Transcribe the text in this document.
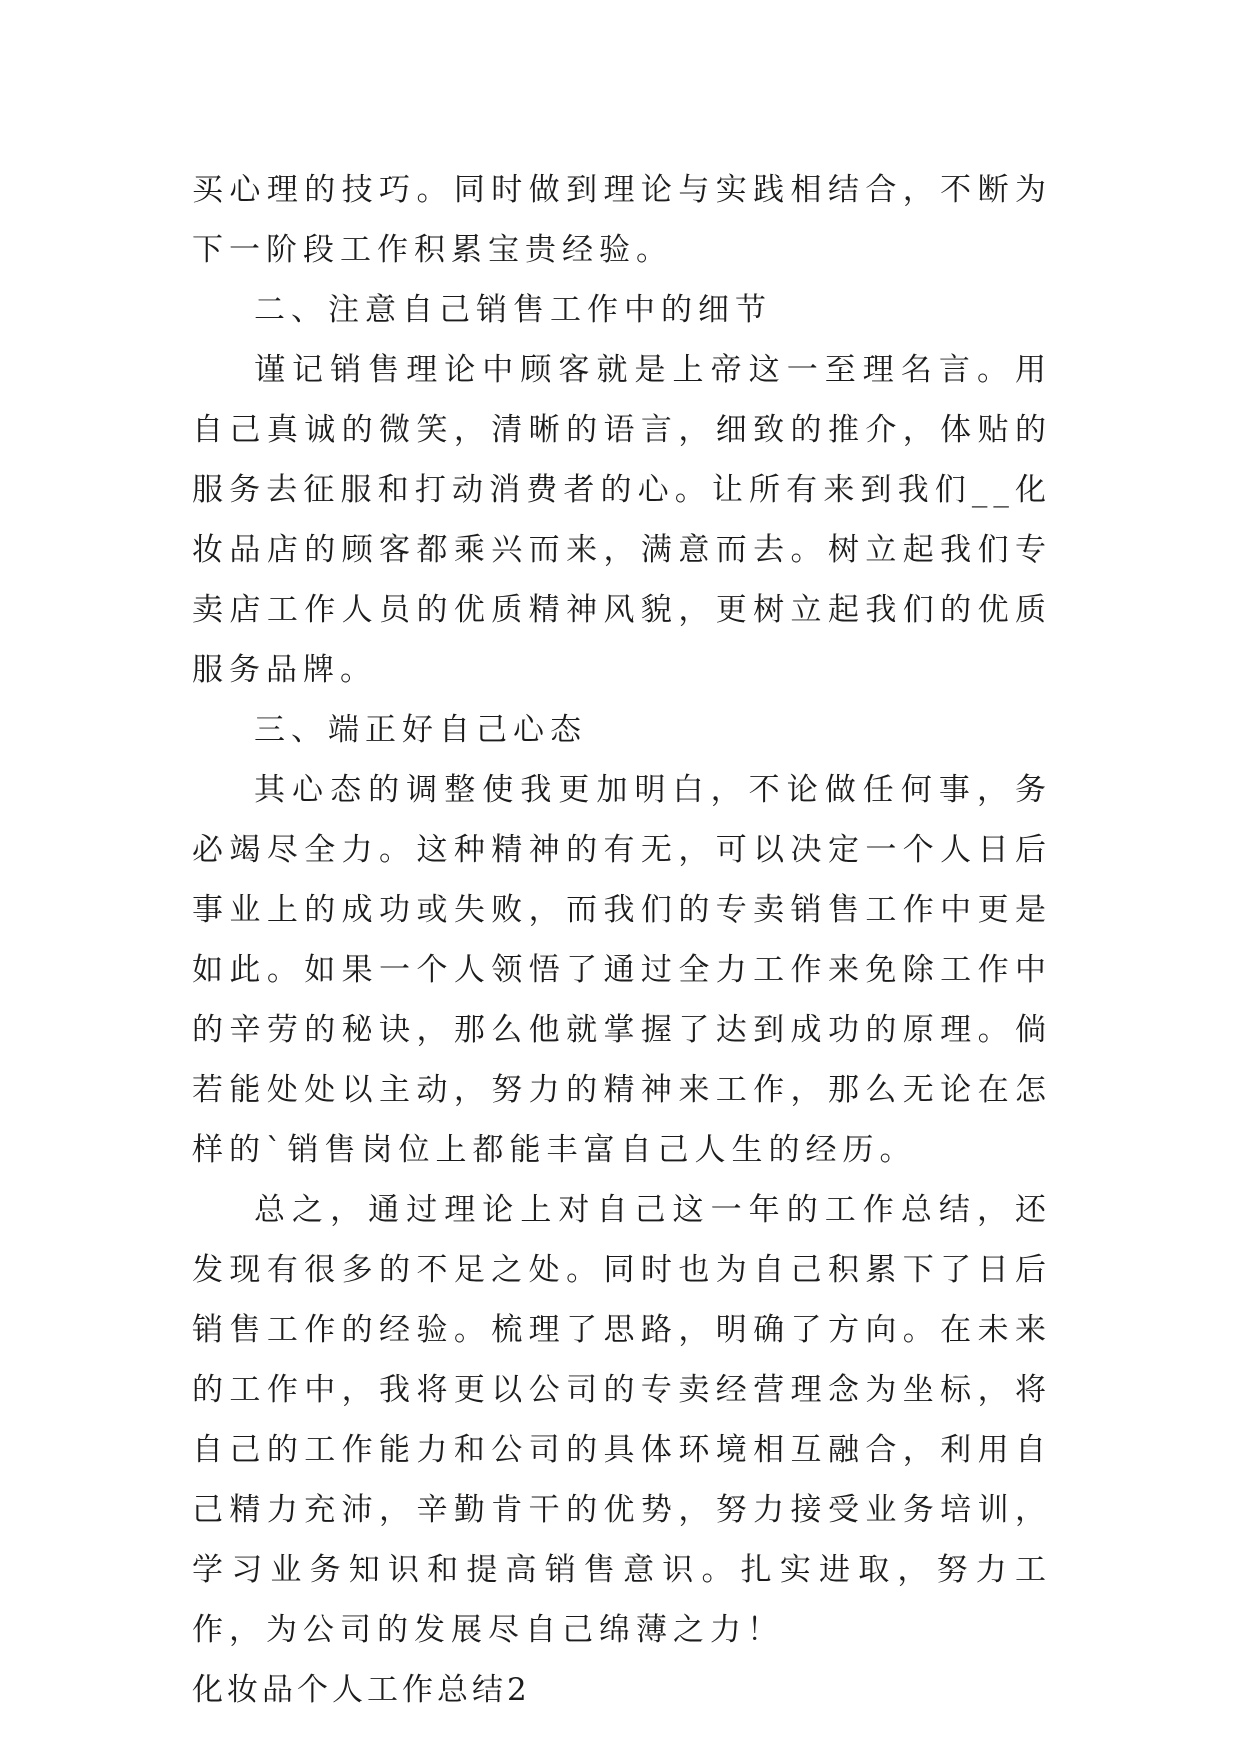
买心理的技巧。同时做到理论与实践相结合，不断为下一阶段工作积累宝贵经验。

二、注意自己销售工作中的细节

谨记销售理论中顾客就是上帝这一至理名言。用自己真诚的微笑，清晰的语言，细致的推介，体贴的服务去征服和打动消费者的心。让所有来到我们__化妆品店的顾客都乘兴而来，满意而去。树立起我们专卖店工作人员的优质精神风貌，更树立起我们的优质服务品牌。

三、端正好自己心态

其心态的调整使我更加明白，不论做任何事，务必竭尽全力。这种精神的有无，可以决定一个人日后事业上的成功或失败，而我们的专卖销售工作中更是如此。如果一个人领悟了通过全力工作来免除工作中的辛劳的秘诀，那么他就掌握了达到成功的原理。倘若能处处以主动，努力的精神来工作，那么无论在怎样的`销售岗位上都能丰富自己人生的经历。

总之，通过理论上对自己这一年的工作总结，还发现有很多的不足之处。同时也为自己积累下了日后销售工作的经验。梳理了思路，明确了方向。在未来的工作中，我将更以公司的专卖经营理念为坐标，将自己的工作能力和公司的具体环境相互融合，利用自己精力充沛，辛勤肯干的优势，努力接受业务培训，学习业务知识和提高销售意识。扎实进取，努力工作，为公司的发展尽自己绵薄之力！

化妆品个人工作总结2
